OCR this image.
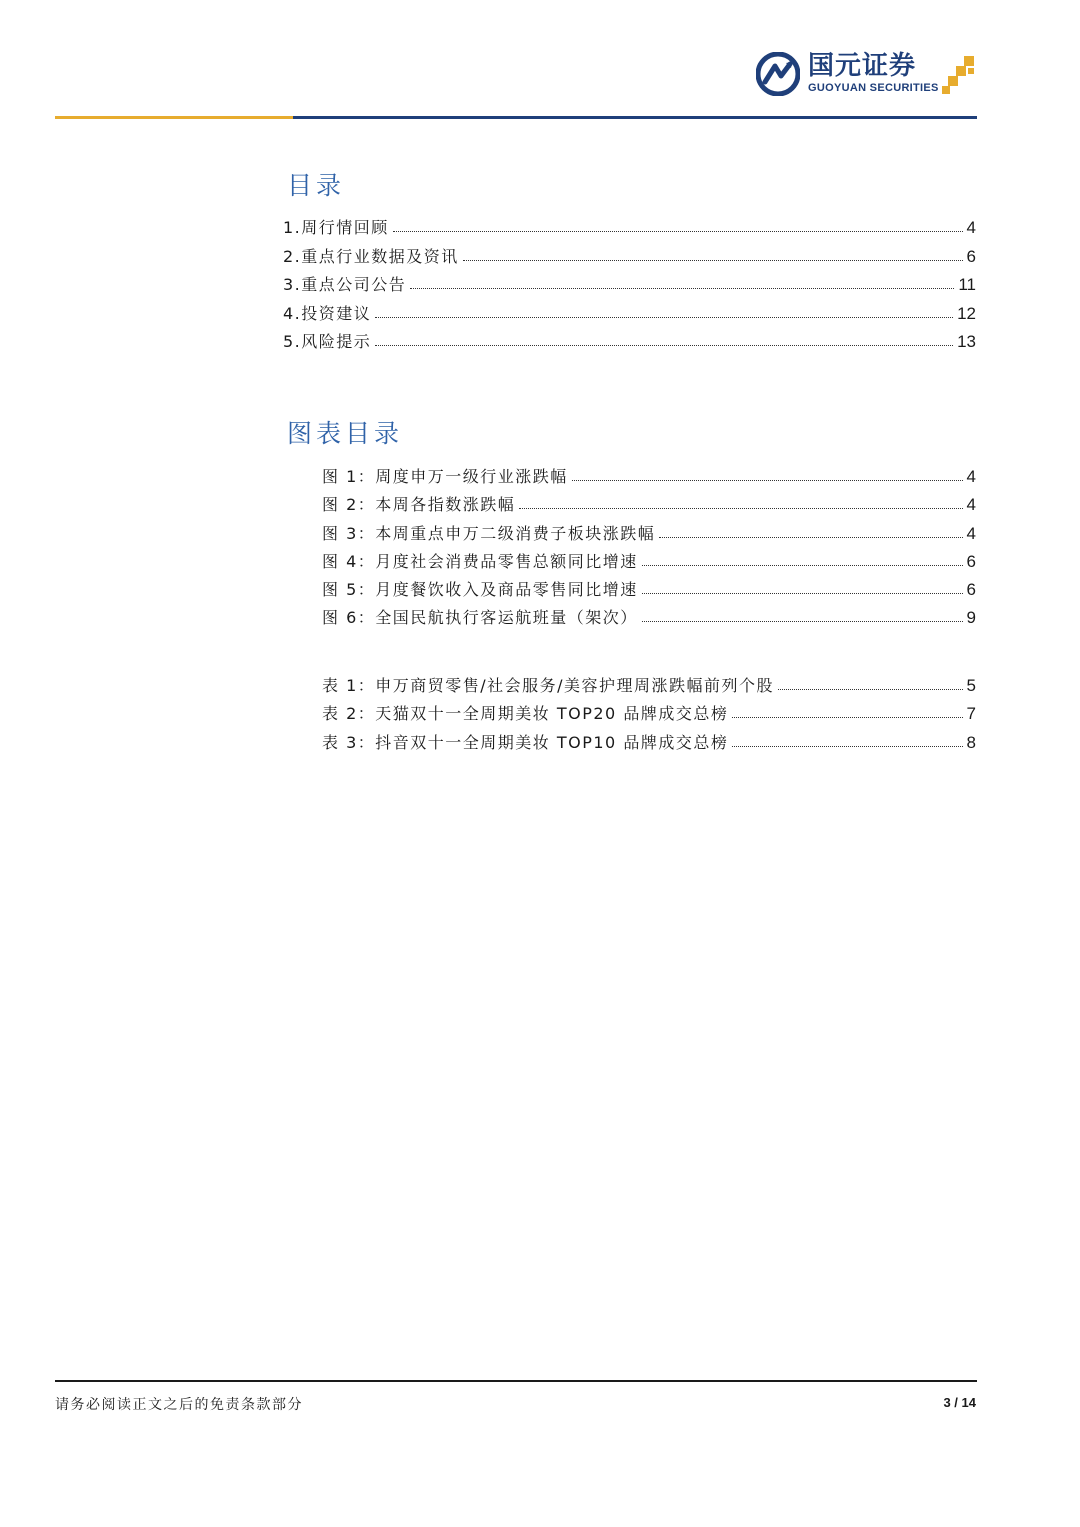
国元证券
GUOYUAN SECURITIES
目录
1.周行情回顾	4
2.重点行业数据及资讯	6
3.重点公司公告	11
4.投资建议	12
5.风险提示	13
图表目录
图 1：周度申万一级行业涨跌幅	4
图 2：本周各指数涨跌幅	4
图 3：本周重点申万二级消费子板块涨跌幅	4
图 4：月度社会消费品零售总额同比增速	6
图 5：月度餐饮收入及商品零售同比增速	6
图 6：全国民航执行客运航班量（架次）	9
表 1：申万商贸零售/社会服务/美容护理周涨跌幅前列个股	5
表 2：天猫双十一全周期美妆 TOP20 品牌成交总榜	7
表 3：抖音双十一全周期美妆 TOP10 品牌成交总榜	8
请务必阅读正文之后的免责条款部分	3 / 14
